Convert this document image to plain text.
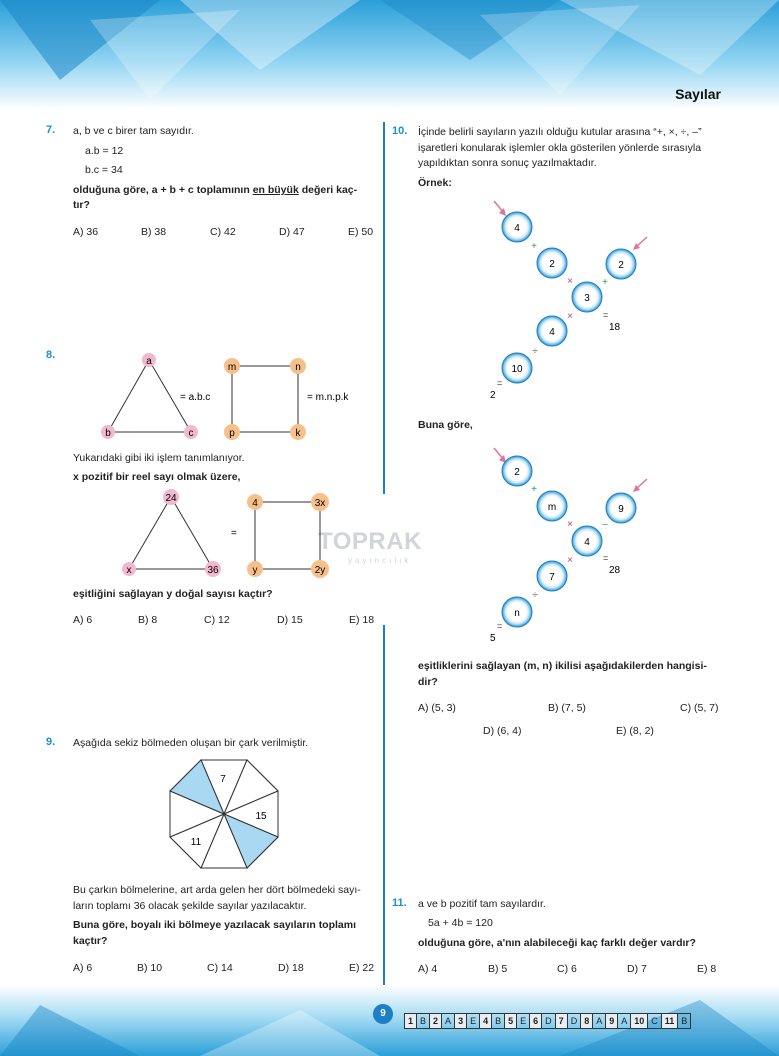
Sayılar
TOPRAK
yayıncılık
7. a, b ve c birer tam sayıdır.
a.b = 12
b.c = 34
olduğuna göre, a + b + c toplamının en büyük değeri kaç-
tır?
A) 36	B) 38	C) 42	D) 47	E) 50
8.
a
b	c
= a.b.c
m	n
p	k
= m.n.p.k
Yukarıdaki gibi iki işlem tanımlanıyor.
x pozitif bir reel sayı olmak üzere,
24
x	36
=
4	3x
y	2y
eşitliğini sağlayan y doğal sayısı kaçtır?
A) 6	B) 8	C) 12	D) 15	E) 18
9. Aşağıda sekiz bölmeden oluşan bir çark verilmiştir.
7
15
11
Bu çarkın bölmelerine, art arda gelen her dört bölmedeki sayı-
ların toplamı 36 olacak şekilde sayılar yazılacaktır.
Buna göre, boyalı iki bölmeye yazılacak sayıların toplamı
kaçtır?
A) 6	B) 10	C) 14	D) 18	E) 22
10. İçinde belirli sayıların yazılı olduğu kutular arasına “+, ×, ÷, –”
işaretleri konularak işlemler okla gösterilen yönlerde sırasıyla
yapıldıktan sonra sonuç yazılmaktadır.
Örnek:
4
2	2
3
4
10
+
×	+
×
÷
=
18
=
2
Buna göre,
2
m	9
4
7
n
+
×	–
×
÷
=
28
=
5
eşitliklerini sağlayan (m, n) ikilisi aşağıdakilerden hangisi-
dir?
A) (5, 3)	B) (7, 5)	C) (5, 7)
D) (6, 4)	E) (8, 2)
11. a ve b pozitif tam sayılardır.
5a + 4b = 120
olduğuna göre, a'nın alabileceği kaç farklı değer vardır?
A) 4	B) 5	C) 6	D) 7	E) 8
9
1 B 2 A 3 E 4 B 5 E 6 D 7 D 8 A 9 A 10 C 11 B
